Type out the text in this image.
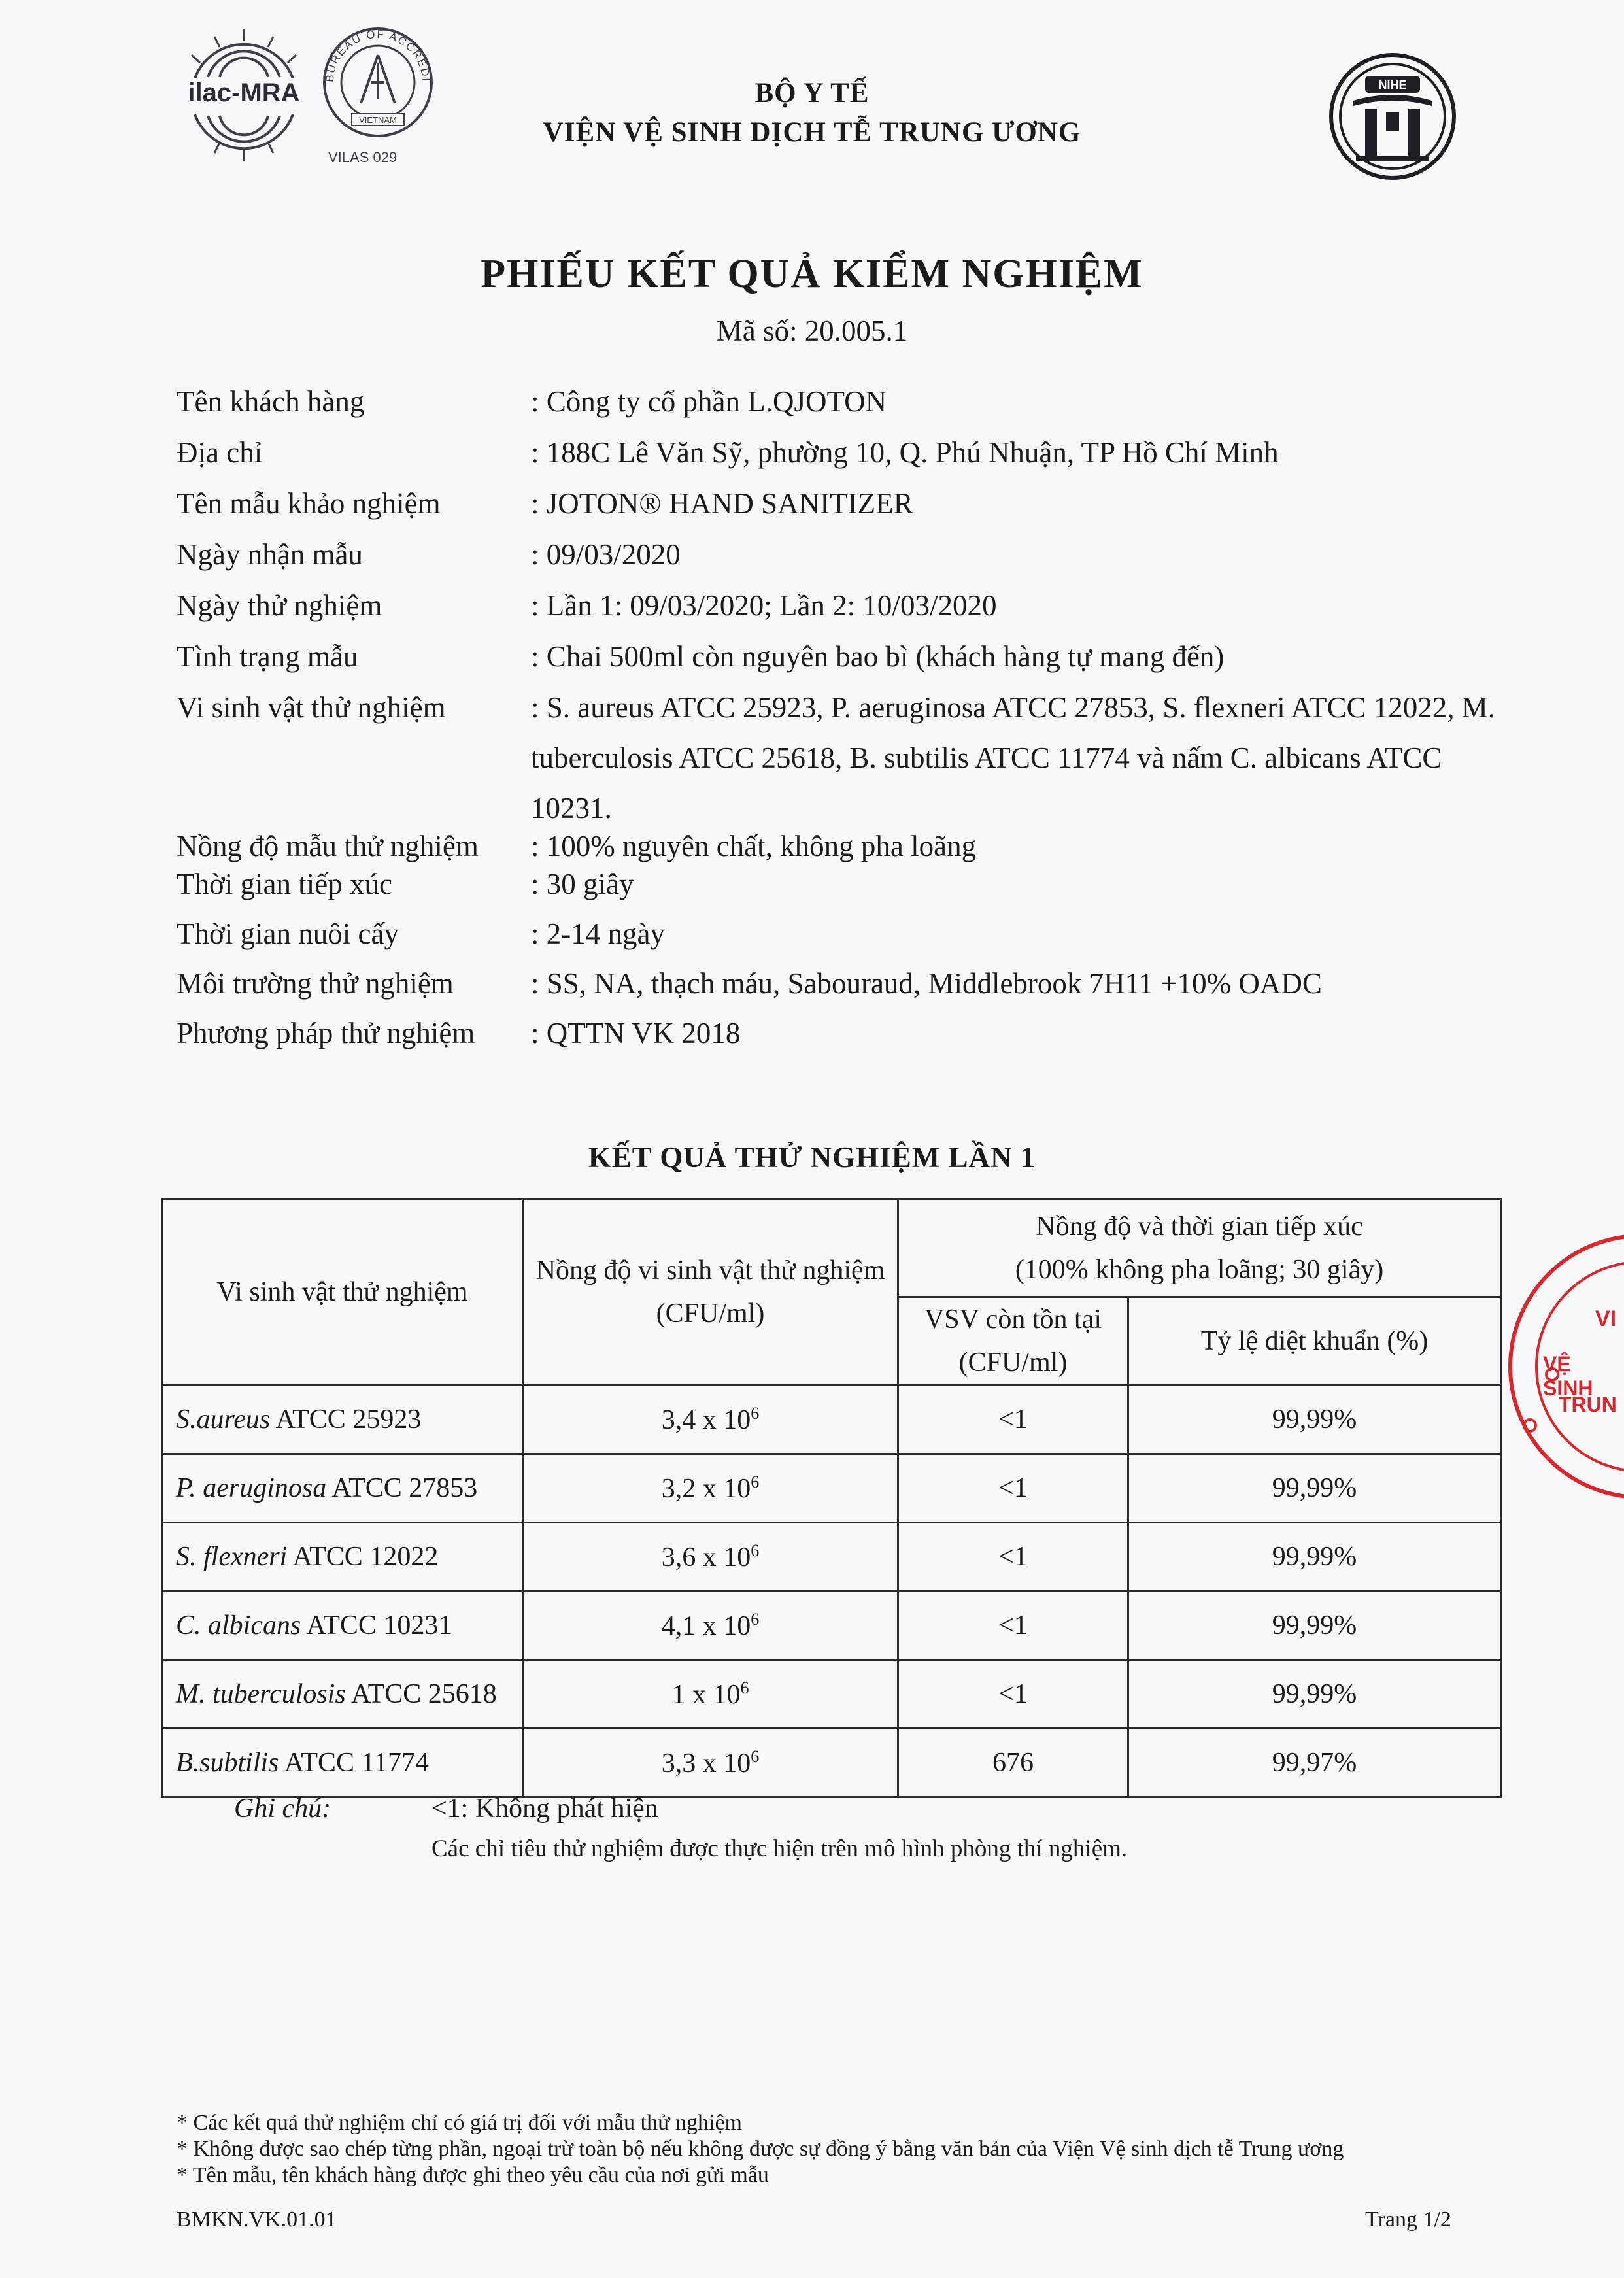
ilac-MRA
BUREAU OF ACCREDI
VIETNAM
VILAS 029
NIHE
BỘ Y TẾ
VIỆN VỆ SINH DỊCH TỄ TRUNG ƯƠNG
PHIẾU KẾT QUẢ KIỂM NGHIỆM
Mã số: 20.005.1
Tên khách hàng	: Công ty cổ phần L.QJOTON
Địa chỉ	: 188C Lê Văn Sỹ, phường 10, Q. Phú Nhuận, TP Hồ Chí Minh
Tên mẫu khảo nghiệm	: JOTON® HAND SANITIZER
Ngày nhận mẫu	: 09/03/2020
Ngày thử nghiệm	: Lần 1: 09/03/2020; Lần 2: 10/03/2020
Tình trạng mẫu	: Chai 500ml còn nguyên bao bì (khách hàng tự mang đến)
Vi sinh vật thử nghiệm	: S. aureus ATCC 25923, P. aeruginosa ATCC 27853, S. flexneri ATCC 12022, M. tuberculosis ATCC 25618, B. subtilis ATCC 11774 và nấm C. albicans ATCC 10231.
Nồng độ mẫu thử nghiệm : 100% nguyên chất, không pha loãng
Thời gian tiếp xúc	: 30 giây
Thời gian nuôi cấy	: 2-14 ngày
Môi trường thử nghiệm	: SS, NA, thạch máu, Sabouraud, Middlebrook 7H11 +10% OADC
Phương pháp thử nghiệm : QTTN VK 2018
KẾT QUẢ THỬ NGHIỆM LẦN 1
Vi sinh vật thử nghiệm	Nồng độ vi sinh vật thử nghiệm (CFU/ml)	Nồng độ và thời gian tiếp xúc
(100% không pha loãng; 30 giây)	

		VSV còn tồn tại (CFU/ml)	Tỷ lệ diệt khuẩn (%)
S.aureus ATCC 25923	3,4 x $10^6$	<1	99,99%
P. aeruginosa ATCC 27853	3,2 x $10^6$	<1	99,99%
S. flexneri ATCC 12022	3,6 x $10^6$	<1	99,99%
C. albicans ATCC 10231	4,1 x $10^6$	<1	99,99%
M. tuberculosis ATCC 25618	1 x $10^6$	<1	99,99%
B.subtilis ATCC 11774	3,3 x $10^6$	676	99,97%
VI
VỆ SINH
TRUN
Ghi chú:	<1: Không phát hiện
Các chỉ tiêu thử nghiệm được thực hiện trên mô hình phòng thí nghiệm.
* Các kết quả thử nghiệm chỉ có giá trị đối với mẫu thử nghiệm
* Không được sao chép từng phần, ngoại trừ toàn bộ nếu không được sự đồng ý bằng văn bản của Viện Vệ sinh dịch tễ Trung ương
* Tên mẫu, tên khách hàng được ghi theo yêu cầu của nơi gửi mẫu
BMKN.VK.01.01	Trang 1/2
